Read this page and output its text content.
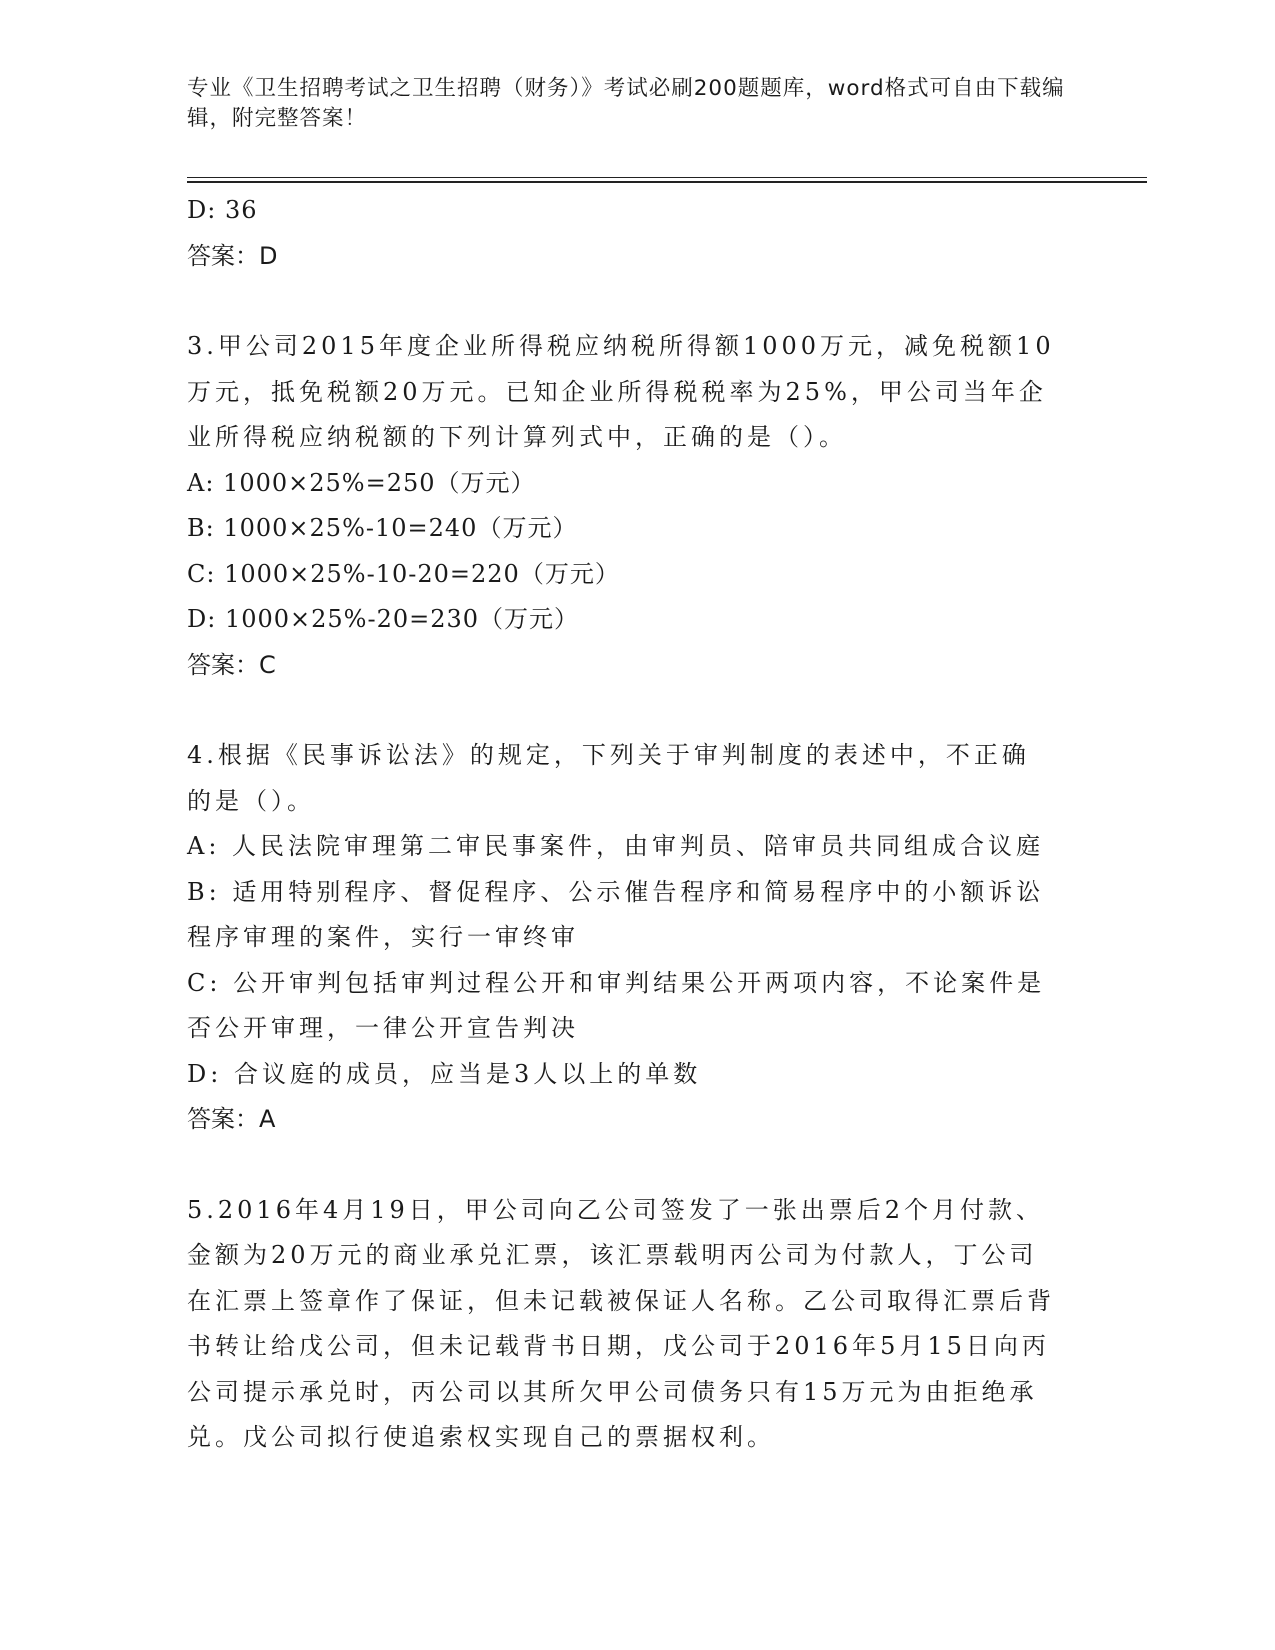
专业《卫生招聘考试之卫生招聘（财务）》考试必刷200题题库，word格式可自由下载编辑，附完整答案！
D: 36
答案：D
3.甲公司2015年度企业所得税应纳税所得额1000万元，减免税额10万元，抵免税额20万元。已知企业所得税税率为25%，甲公司当年企业所得税应纳税额的下列计算列式中，正确的是（）。
A: 1000×25%=250（万元）
B: 1000×25%-10=240（万元）
C: 1000×25%-10-20=220（万元）
D: 1000×25%-20=230（万元）
答案：C
4.根据《民事诉讼法》的规定，下列关于审判制度的表述中，不正确的是（）。
A: 人民法院审理第二审民事案件，由审判员、陪审员共同组成合议庭
B: 适用特别程序、督促程序、公示催告程序和简易程序中的小额诉讼程序审理的案件，实行一审终审
C: 公开审判包括审判过程公开和审判结果公开两项内容，不论案件是否公开审理，一律公开宣告判决
D: 合议庭的成员，应当是3人以上的单数
答案：A
5.2016年4月19日，甲公司向乙公司签发了一张出票后2个月付款、金额为20万元的商业承兑汇票，该汇票载明丙公司为付款人，丁公司在汇票上签章作了保证，但未记载被保证人名称。乙公司取得汇票后背书转让给戊公司，但未记载背书日期，戊公司于2016年5月15日向丙公司提示承兑时，丙公司以其所欠甲公司债务只有15万元为由拒绝承兑。戊公司拟行使追索权实现自己的票据权利。
